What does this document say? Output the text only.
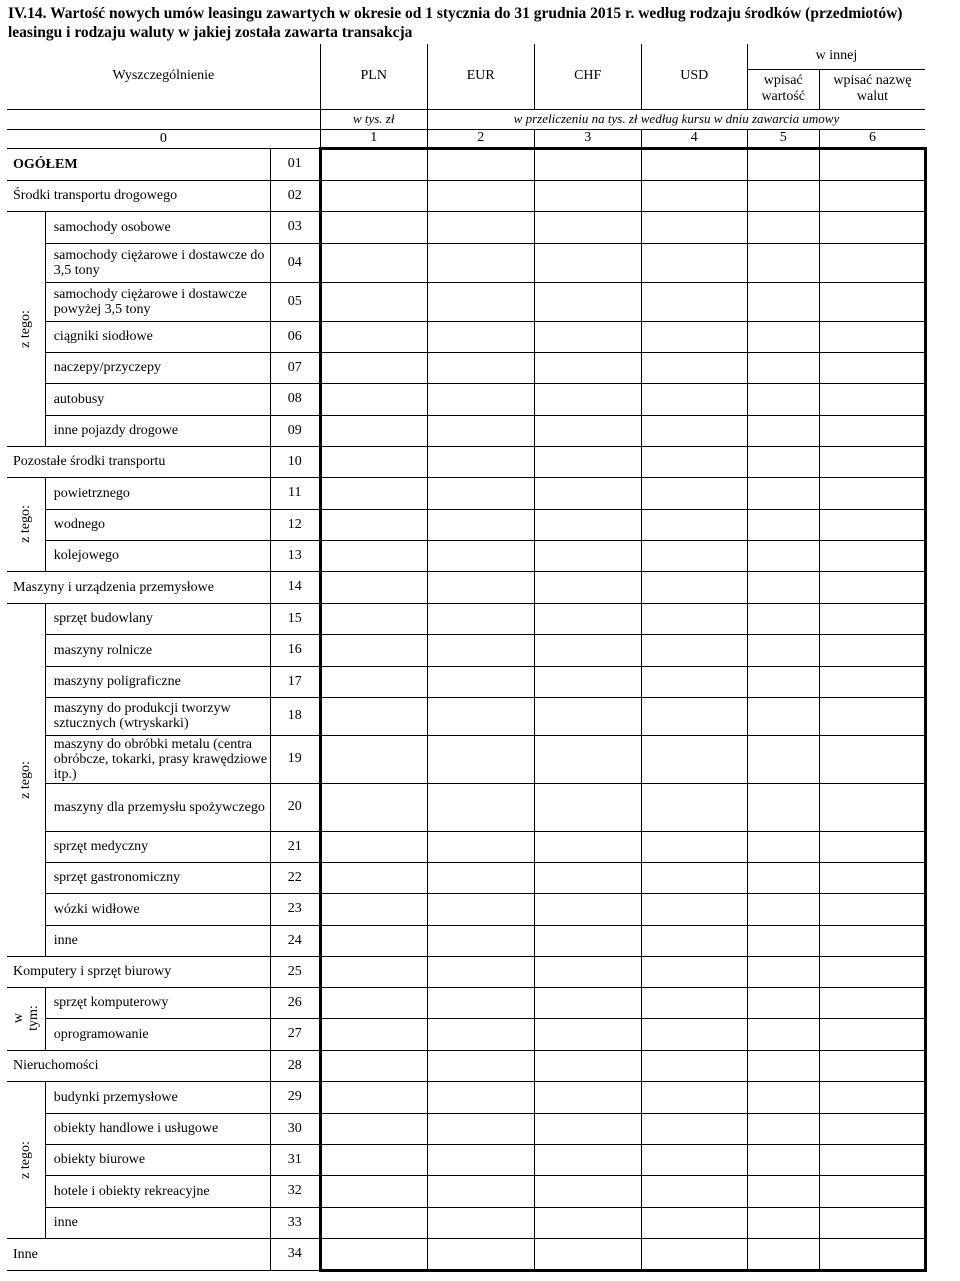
IV.14. Wartość nowych umów leasingu zawartych w okresie od 1 stycznia do 31 grudnia 2015 r. według rodzaju środków (przedmiotów) leasingu i rodzaju waluty w jakiej została zawarta transakcja
Wyszczególnienie			PLN	EUR	CHF	USD	w innej	
							wpisać wartość	wpisać nazwę walut

			w tys. zł	w przeliczeniu na tys. zł według kursu w dniu zawarcia umowy				
0			1	2	3	4	5	6
OGÓŁEM		01						
Środki transportu drogowego		02						
z tego:	samochody osobowe	03						
	samochody ciężarowe i dostawcze do 3,5 tony	04						
	samochody ciężarowe i dostawcze powyżej 3,5 tony	05						
	ciągniki siodłowe	06						
	naczepy/przyczepy	07						
	autobusy	08						
	inne pojazdy drogowe	09						
Pozostałe środki transportu		10						
z tego:	powietrznego	11						
	wodnego	12						
	kolejowego	13						
Maszyny i urządzenia przemysłowe		14						
z tego:	sprzęt budowlany	15						
	maszyny rolnicze	16						
	maszyny poligraficzne	17						
	maszyny do produkcji tworzyw sztucznych (wtryskarki)	18						
	maszyny do obróbki metalu (centra obróbcze, tokarki, prasy krawędziowe itp.)	19						
	maszyny dla przemysłu spożywczego	20						
	sprzęt medyczny	21						
	sprzęt gastronomiczny	22						
	wózki widłowe	23						
	inne	24						
Komputery i sprzęt biurowy		25						
w tym:	sprzęt komputerowy	26						
	oprogramowanie	27						
Nieruchomości		28						
z tego:	budynki przemysłowe	29						
	obiekty handlowe i usługowe	30						
	obiekty biurowe	31						
	hotele i obiekty rekreacyjne	32						
	inne	33						
Inne		34						
